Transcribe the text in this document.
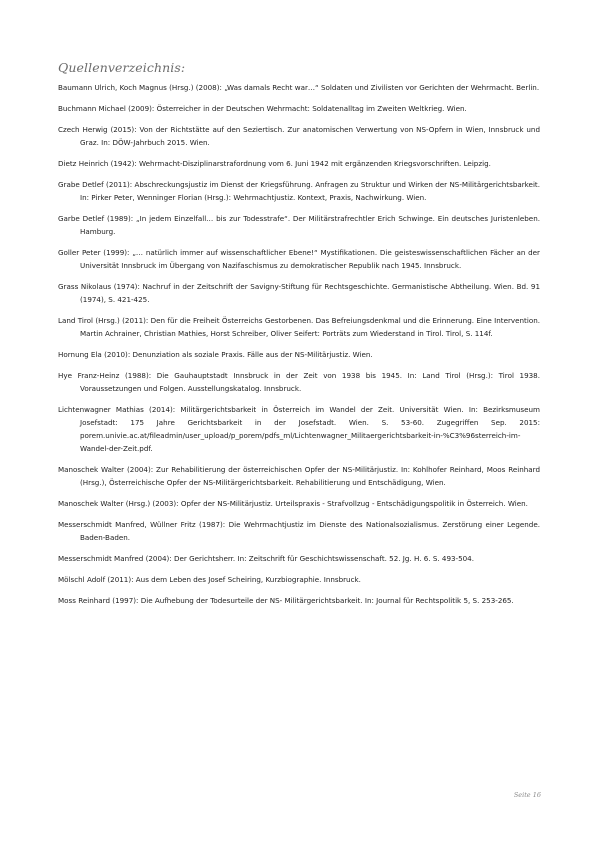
Quellenverzeichnis:
Baumann Ulrich, Koch Magnus (Hrsg.) (2008): „Was damals Recht war…“ Soldaten und Zivilisten vor Gerichten der Wehrmacht. Berlin.
Buchmann Michael (2009): Österreicher in der Deutschen Wehrmacht: Soldatenalltag im Zweiten Weltkrieg. Wien.
Czech Herwig (2015): Von der Richtstätte auf den Seziertisch. Zur anatomischen Verwertung von NS-Opfern in Wien, Innsbruck und Graz. In: DÖW-Jahrbuch 2015. Wien.
Dietz Heinrich (1942): Wehrmacht-Disziplinarstrafordnung vom 6. Juni 1942 mit ergänzenden Kriegsvorschriften. Leipzig.
Grabe Detlef (2011): Abschreckungsjustiz im Dienst der Kriegsführung. Anfragen zu Struktur und Wirken der NS-Militärgerichtsbarkeit. In: Pirker Peter, Wenninger Florian (Hrsg.): Wehrmachtjustiz. Kontext, Praxis, Nachwirkung. Wien.
Garbe Detlef (1989): „In jedem Einzelfall… bis zur Todesstrafe“. Der Militärstrafrechtler Erich Schwinge. Ein deutsches Juristenleben. Hamburg.
Goller Peter (1999): „… natürlich immer auf wissenschaftlicher Ebene!“ Mystifikationen. Die geisteswissenschaftlichen Fächer an der Universität Innsbruck im Übergang von Nazifaschismus zu demokratischer Republik nach 1945. Innsbruck.
Grass Nikolaus (1974): Nachruf in der Zeitschrift der Savigny-Stiftung für Rechtsgeschichte. Germanistische Abtheilung. Wien. Bd. 91 (1974), S. 421-425.
Land Tirol (Hrsg.) (2011): Den für die Freiheit Österreichs Gestorbenen. Das Befreiungsdenkmal und die Erinnerung. Eine Intervention. Martin Achrainer, Christian Mathies, Horst Schreiber, Oliver Seifert: Porträts zum Wiederstand in Tirol. Tirol, S. 114f.
Hornung Ela (2010): Denunziation als soziale Praxis. Fälle aus der NS-Militärjustiz. Wien.
Hye Franz-Heinz (1988): Die Gauhauptstadt Innsbruck in der Zeit von 1938 bis 1945. In: Land Tirol (Hrsg.): Tirol 1938. Voraussetzungen und Folgen. Ausstellungskatalog. Innsbruck.
Lichtenwagner Mathias (2014): Militärgerichtsbarkeit in Österreich im Wandel der Zeit. Universität Wien. In: Bezirksmuseum Josefstadt: 175 Jahre Gerichtsbarkeit in der Josefstadt. Wien. S. 53-60. Zugegriffen Sep. 2015: porem.univie.ac.at/fileadmin/user_upload/p_porem/pdfs_ml/Lichtenwagner_Militaergerichtsbarkeit-in-%C3%96sterreich-im-Wandel-der-Zeit.pdf.
Manoschek Walter (2004): Zur Rehabilitierung der österreichischen Opfer der NS-Militärjustiz. In: Kohlhofer Reinhard, Moos Reinhard (Hrsg.), Österreichische Opfer der NS-Militärgerichtsbarkeit. Rehabilitierung und Entschädigung, Wien.
Manoschek Walter (Hrsg.) (2003): Opfer der NS-Militärjustiz. Urteilspraxis - Strafvollzug - Entschädigungspolitik in Österreich. Wien.
Messerschmidt Manfred, Wüllner Fritz (1987): Die Wehrmachtjustiz im Dienste des Nationalsozialismus. Zerstörung einer Legende. Baden-Baden.
Messerschmidt Manfred (2004): Der Gerichtsherr. In: Zeitschrift für Geschichtswissenschaft. 52. Jg. H. 6. S. 493-504.
Mölschl Adolf (2011): Aus dem Leben des Josef Scheiring, Kurzbiographie. Innsbruck.
Moss Reinhard (1997): Die Aufhebung der Todesurteile der NS- Militärgerichtsbarkeit. In: Journal für Rechtspolitik 5, S. 253-265.
Seite 16
